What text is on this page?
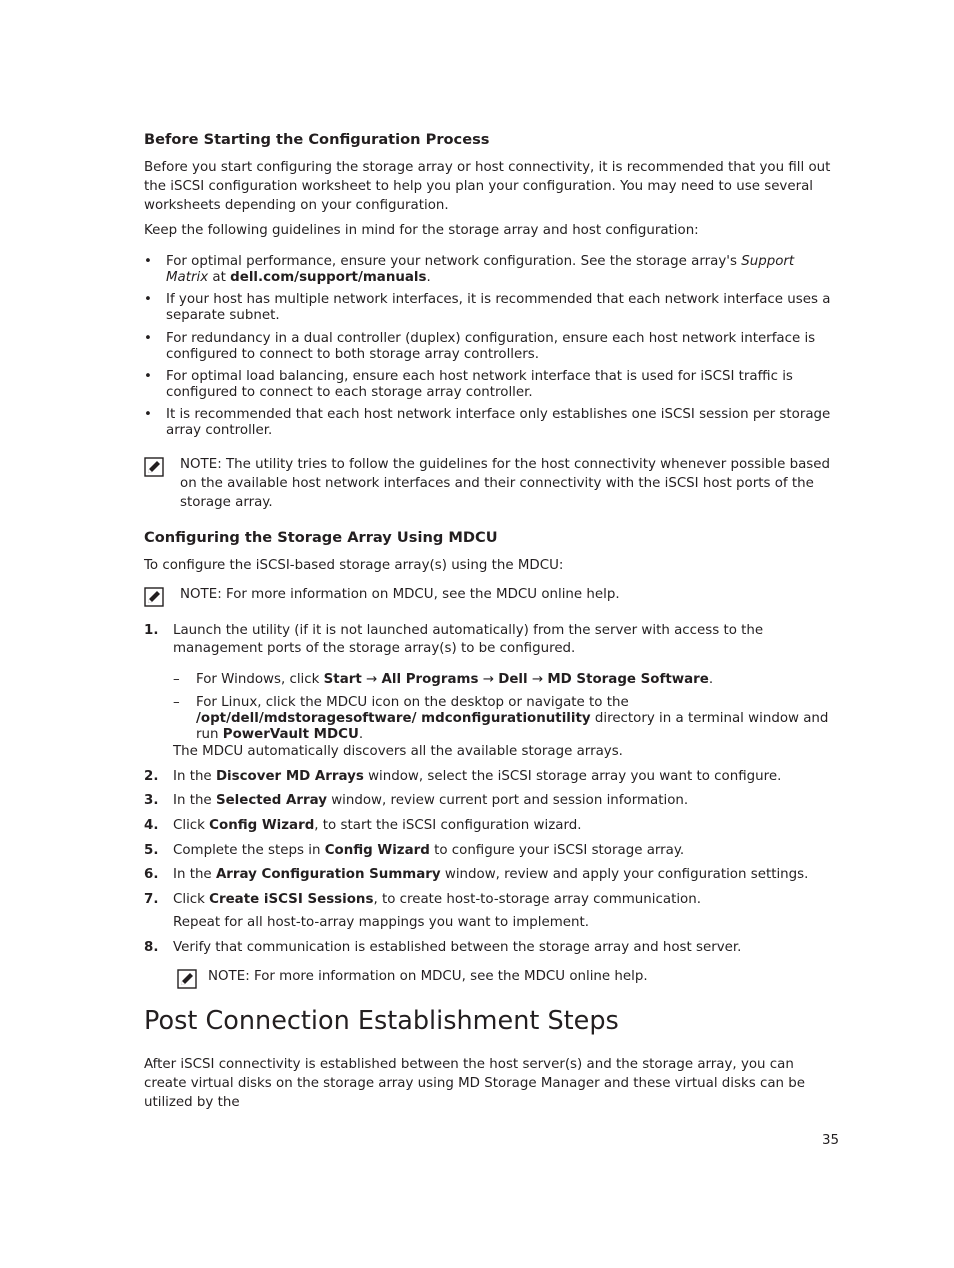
Before Starting the Configuration Process
Before you start configuring the storage array or host connectivity, it is recommended that you fill out the iSCSI configuration worksheet to help you plan your configuration. You may need to use several worksheets depending on your configuration.
Keep the following guidelines in mind for the storage array and host configuration:
• For optimal performance, ensure your network configuration. See the storage array's Support Matrix at dell.com/support/manuals.
• If your host has multiple network interfaces, it is recommended that each network interface uses a separate subnet.
• For redundancy in a dual controller (duplex) configuration, ensure each host network interface is configured to connect to both storage array controllers.
• For optimal load balancing, ensure each host network interface that is used for iSCSI traffic is configured to connect to each storage array controller.
• It is recommended that each host network interface only establishes one iSCSI session per storage array controller.
NOTE: The utility tries to follow the guidelines for the host connectivity whenever possible based on the available host network interfaces and their connectivity with the iSCSI host ports of the storage array.
Configuring the Storage Array Using MDCU
To configure the iSCSI-based storage array(s) using the MDCU:
NOTE: For more information on MDCU, see the MDCU online help.
1. Launch the utility (if it is not launched automatically) from the server with access to the management ports of the storage array(s) to be configured.
– For Windows, click Start → All Programs → Dell → MD Storage Software.
– For Linux, click the MDCU icon on the desktop or navigate to the /opt/dell/mdstoragesoftware/ mdconfigurationutility directory in a terminal window and run PowerVault MDCU.
The MDCU automatically discovers all the available storage arrays.
2. In the Discover MD Arrays window, select the iSCSI storage array you want to configure.
3. In the Selected Array window, review current port and session information.
4. Click Config Wizard, to start the iSCSI configuration wizard.
5. Complete the steps in Config Wizard to configure your iSCSI storage array.
6. In the Array Configuration Summary window, review and apply your configuration settings.
7. Click Create iSCSI Sessions, to create host-to-storage array communication.
Repeat for all host-to-array mappings you want to implement.
8. Verify that communication is established between the storage array and host server.
NOTE: For more information on MDCU, see the MDCU online help.
Post Connection Establishment Steps
After iSCSI connectivity is established between the host server(s) and the storage array, you can create virtual disks on the storage array using MD Storage Manager and these virtual disks can be utilized by the
35
